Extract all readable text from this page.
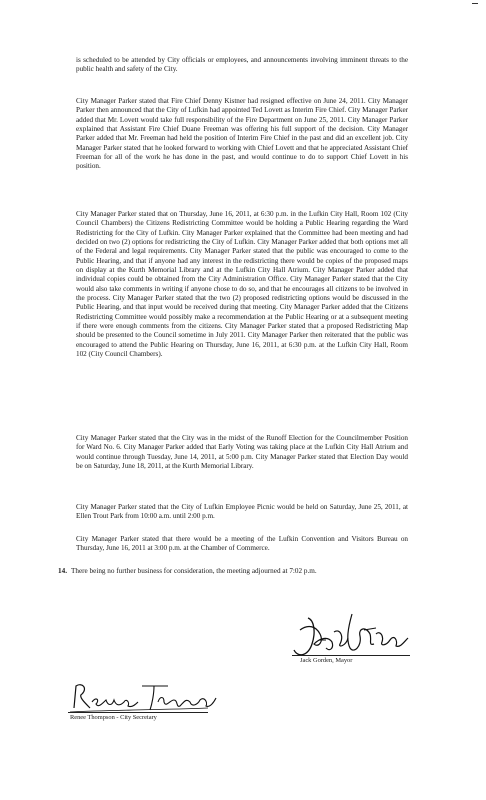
is scheduled to be attended by City officials or employees, and announcements involving imminent threats to the public health and safety of the City.

City Manager Parker stated that Fire Chief Denny Kistner had resigned effective on June 24, 2011. City Manager Parker then announced that the City of Lufkin had appointed Ted Lovett as Interim Fire Chief. City Manager Parker added that Mr. Lovett would take full responsibility of the Fire Department on June 25, 2011. City Manager Parker explained that Assistant Fire Chief Duane Freeman was offering his full support of the decision. City Manager Parker added that Mr. Freeman had held the position of Interim Fire Chief in the past and did an excellent job. City Manager Parker stated that he looked forward to working with Chief Lovett and that he appreciated Assistant Chief Freeman for all of the work he has done in the past, and would continue to do to support Chief Lovett in his position.

City Manager Parker stated that on Thursday, June 16, 2011, at 6:30 p.m. in the Lufkin City Hall, Room 102 (City Council Chambers) the Citizens Redistricting Committee would be holding a Public Hearing regarding the Ward Redistricting for the City of Lufkin. City Manager Parker explained that the Committee had been meeting and had decided on two (2) options for redistricting the City of Lufkin. City Manager Parker added that both options met all of the Federal and legal requirements. City Manager Parker stated that the public was encouraged to come to the Public Hearing, and that if anyone had any interest in the redistricting there would be copies of the proposed maps on display at the Kurth Memorial Library and at the Lufkin City Hall Atrium. City Manager Parker added that individual copies could be obtained from the City Administration Office. City Manager Parker stated that the City would also take comments in writing if anyone chose to do so, and that he encourages all citizens to be involved in the process. City Manager Parker stated that the two (2) proposed redistricting options would be discussed in the Public Hearing, and that input would be received during that meeting. City Manager Parker added that the Citizens Redistricting Committee would possibly make a recommendation at the Public Hearing or at a subsequent meeting if there were enough comments from the citizens. City Manager Parker stated that a proposed Redistricting Map should be presented to the Council sometime in July 2011. City Manager Parker then reiterated that the public was encouraged to attend the Public Hearing on Thursday, June 16, 2011, at 6:30 p.m. at the Lufkin City Hall, Room 102 (City Council Chambers).

City Manager Parker stated that the City was in the midst of the Runoff Election for the Councilmember Position for Ward No. 6. City Manager Parker added that Early Voting was taking place at the Lufkin City Hall Atrium and would continue through Tuesday, June 14, 2011, at 5:00 p.m. City Manager Parker stated that Election Day would be on Saturday, June 18, 2011, at the Kurth Memorial Library.

City Manager Parker stated that the City of Lufkin Employee Picnic would be held on Saturday, June 25, 2011, at Ellen Trout Park from 10:00 a.m. until 2:00 p.m.

City Manager Parker stated that there would be a meeting of the Lufkin Convention and Visitors Bureau on Thursday, June 16, 2011 at 3:00 p.m. at the Chamber of Commerce.

14. There being no further business for consideration, the meeting adjourned at 7:02 p.m.
Jack Gorden, Mayor
Renee Thompson - City Secretary
